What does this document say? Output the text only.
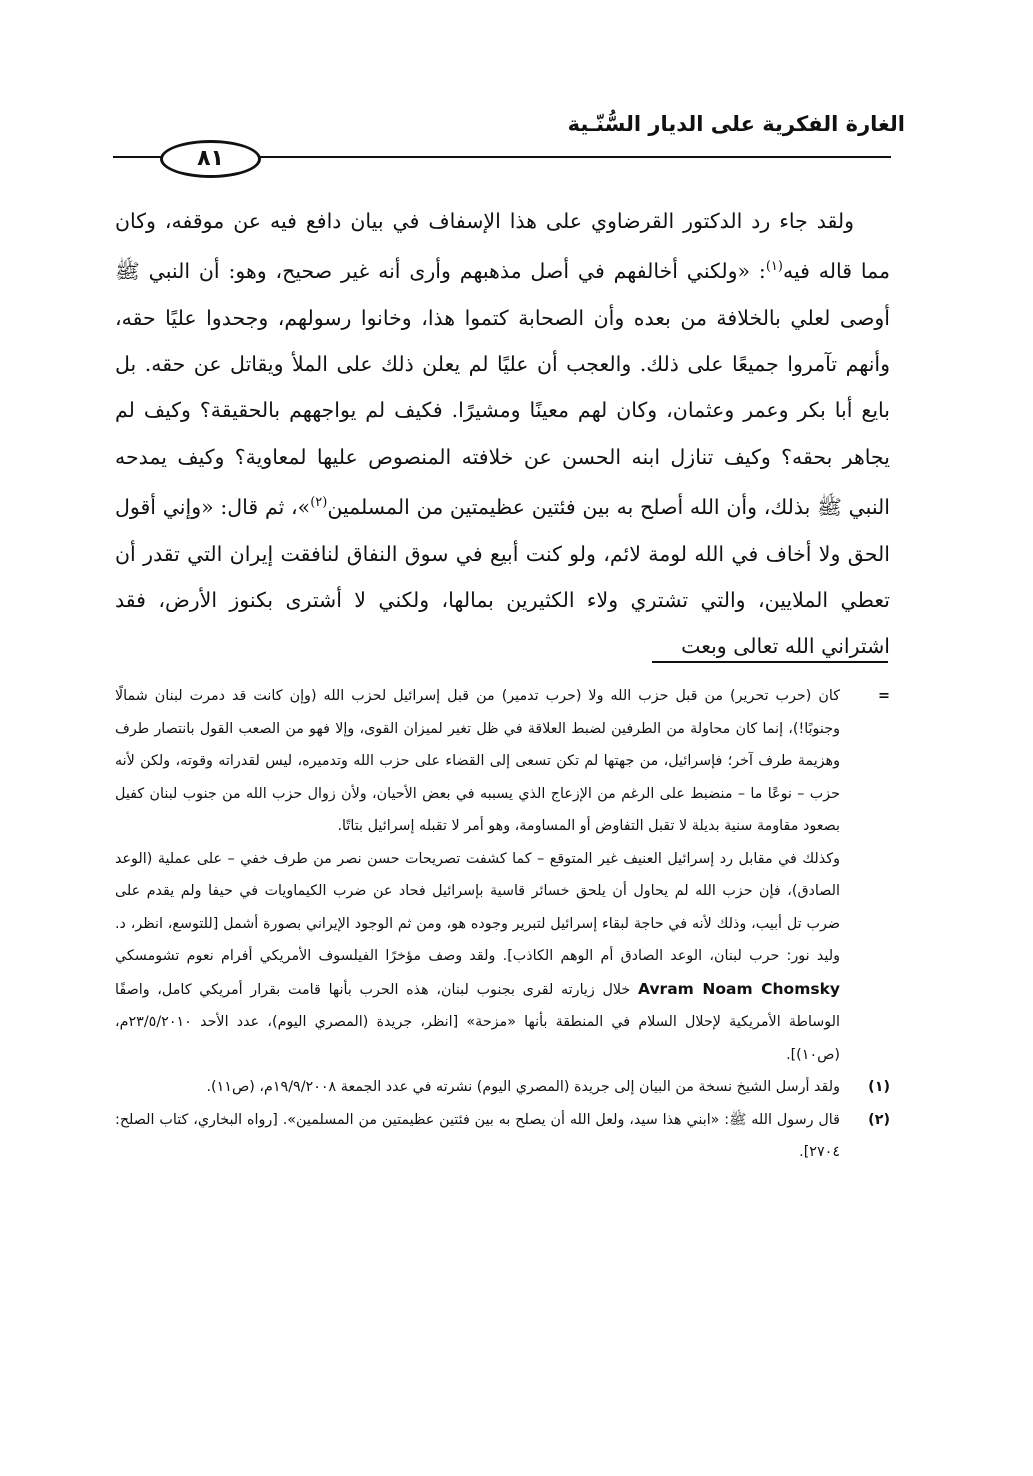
الغارة الفكرية على الديار السُّنّـية
٨١

ولقد جاء رد الدكتور القرضاوي على هذا الإسفاف في بيان دافع فيه عن موقفه، وكان مما قاله فيه$^{(١)}$: «ولكني أخالفهم في أصل مذهبهم وأرى أنه غير صحيح، وهو: أن النبي ﷺ أوصى لعلي بالخلافة من بعده وأن الصحابة كتموا هذا، وخانوا رسولهم، وجحدوا عليًا حقه، وأنهم تآمروا جميعًا على ذلك. والعجب أن عليًا لم يعلن ذلك على الملأ ويقاتل عن حقه. بل بايع أبا بكر وعمر وعثمان، وكان لهم معينًا ومشيرًا. فكيف لم يواجههم بالحقيقة؟ وكيف لم يجاهر بحقه؟ وكيف تنازل ابنه الحسن عن خلافته المنصوص عليها لمعاوية؟ وكيف يمدحه النبي ﷺ بذلك، وأن الله أصلح به بين فئتين عظيمتين من المسلمين$^{(٢)}$»، ثم قال: «وإني أقول الحق ولا أخاف في الله لومة لائم، ولو كنت أبيع في سوق النفاق لنافقت إيران التي تقدر أن تعطي الملايين، والتي تشتري ولاء الكثيرين بمالها، ولكني لا أشترى بكنوز الأرض، فقد اشتراني الله تعالى وبعت

=

كان (حرب تحرير) من قبل حزب الله ولا (حرب تدمير) من قبل إسرائيل لحزب الله (وإن كانت قد دمرت لبنان شمالًا وجنوبًا!)، إنما كان محاولة من الطرفين لضبط العلاقة في ظل تغير لميزان القوى، وإلا فهو من الصعب القول بانتصار طرف وهزيمة طرف آخر؛ فإسرائيل، من جهتها لم تكن تسعى إلى القضاء على حزب الله وتدميره، ليس لقدراته وقوته، ولكن لأنه حزب – نوعًا ما – منضبط على الرغم من الإزعاج الذي يسببه في بعض الأحيان، ولأن زوال حزب الله من جنوب لبنان كفيل بصعود مقاومة سنية بديلة لا تقبل التفاوض أو المساومة، وهو أمر لا تقبله إسرائيل بتاتًا.

وكذلك في مقابل رد إسرائيل العنيف غير المتوقع – كما كشفت تصريحات حسن نصر من طرف خفي – على عملية (الوعد الصادق)، فإن حزب الله لم يحاول أن يلحق خسائر قاسية بإسرائيل فحاد عن ضرب الكيماويات في حيفا ولم يقدم على ضرب تل أبيب، وذلك لأنه في حاجة لبقاء إسرائيل لتبرير وجوده هو، ومن ثم الوجود الإيراني بصورة أشمل [للتوسع، انظر، د. وليد نور: حرب لبنان، الوعد الصادق أم الوهم الكاذب]. ولقد وصف مؤخرًا الفيلسوف الأمريكي أفرام نعوم تشومسكي Avram Noam Chomsky خلال زيارته لقرى بجنوب لبنان، هذه الحرب بأنها قامت بقرار أمريكي كامل، واصفًا الوساطة الأمريكية لإحلال السلام في المنطقة بأنها «مزحة» [انظر، جريدة (المصري اليوم)، عدد الأحد ٢٣/٥/٢٠١٠م، (ص١٠)].

(١)

ولقد أرسل الشيخ نسخة من البيان إلى جريدة (المصري اليوم) نشرته في عدد الجمعة ١٩/٩/٢٠٠٨م، (ص١١).

(٢)

قال رسول الله ﷺ: «ابني هذا سيد، ولعل الله أن يصلح به بين فئتين عظيمتين من المسلمين». [رواه البخاري، كتاب الصلح: ٢٧٠٤].
